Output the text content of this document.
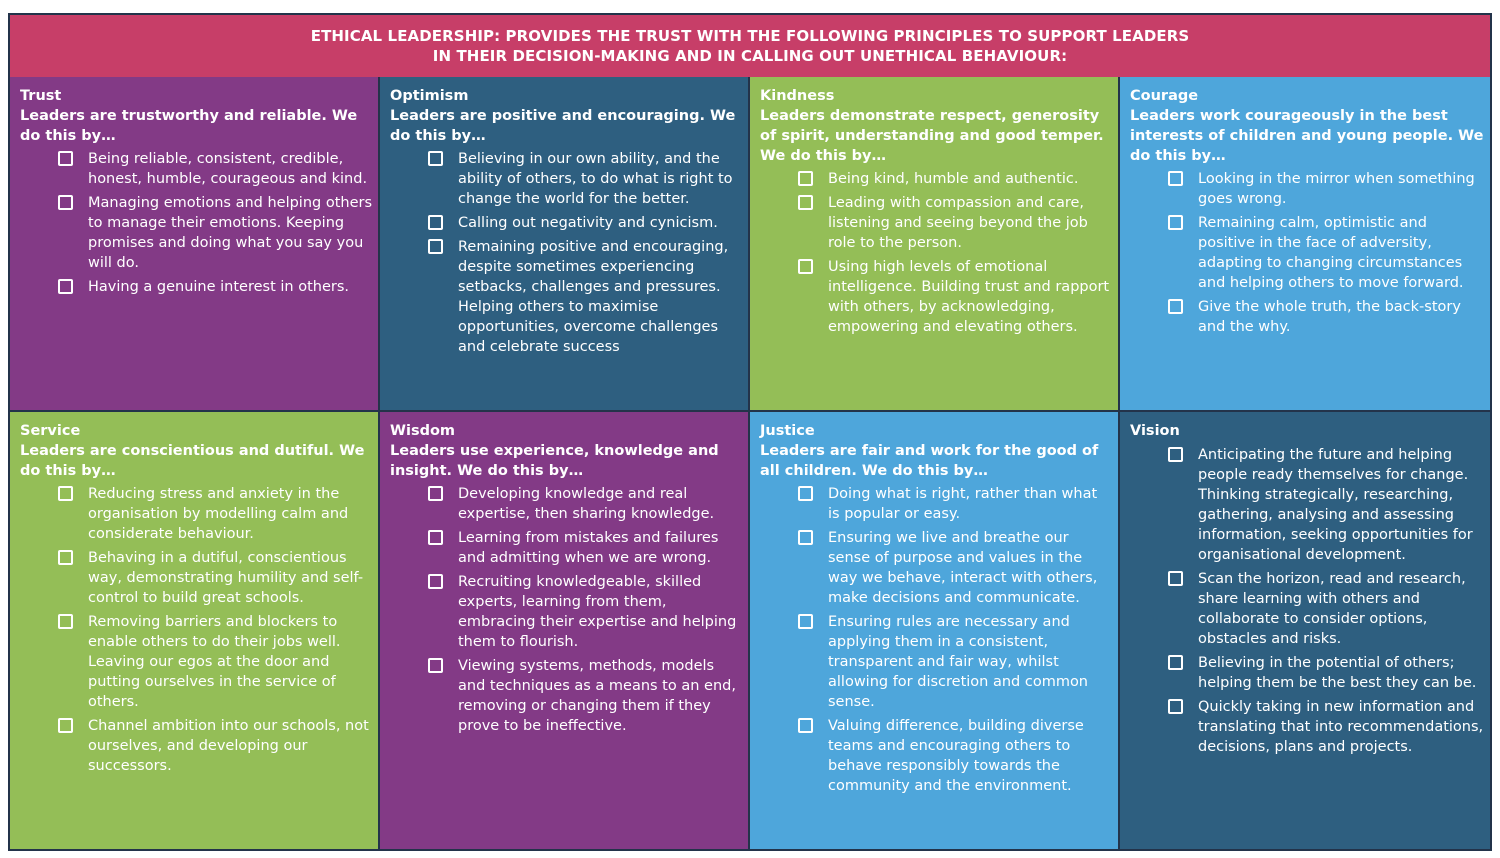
ETHICAL LEADERSHIP: PROVIDES THE TRUST WITH THE FOLLOWING PRINCIPLES TO SUPPORT LEADERS
IN THEIR DECISION-MAKING AND IN CALLING OUT UNETHICAL BEHAVIOUR:
Trust
Leaders are trustworthy and reliable. We do this by…
Being reliable, consistent, credible, honest, humble, courageous and kind.
Managing emotions and helping others to manage their emotions. Keeping promises and doing what you say you will do.
Having a genuine interest in others.
Optimism
Leaders are positive and encouraging. We do this by…
Believing in our own ability, and the ability of others, to do what is right to change the world for the better.
Calling out negativity and cynicism.
Remaining positive and encouraging, despite sometimes experiencing setbacks, challenges and pressures. Helping others to maximise opportunities, overcome challenges and celebrate success
Kindness
Leaders demonstrate respect, generosity of spirit, understanding and good temper. We do this by…
Being kind, humble and authentic.
Leading with compassion and care, listening and seeing beyond the job role to the person.
Using high levels of emotional intelligence. Building trust and rapport with others, by acknowledging, empowering and elevating others.
Courage
Leaders work courageously in the best interests of children and young people. We do this by…
Looking in the mirror when something goes wrong.
Remaining calm, optimistic and positive in the face of adversity, adapting to changing circumstances and helping others to move forward.
Give the whole truth, the back-story and the why.
Service
Leaders are conscientious and dutiful. We do this by…
Reducing stress and anxiety in the organisation by modelling calm and considerate behaviour.
Behaving in a dutiful, conscientious way, demonstrating humility and self-control to build great schools.
Removing barriers and blockers to enable others to do their jobs well. Leaving our egos at the door and putting ourselves in the service of others.
Channel ambition into our schools, not ourselves, and developing our successors.
Wisdom
Leaders use experience, knowledge and insight. We do this by…
Developing knowledge and real expertise, then sharing knowledge.
Learning from mistakes and failures and admitting when we are wrong.
Recruiting knowledgeable, skilled experts, learning from them, embracing their expertise and helping them to flourish.
Viewing systems, methods, models and techniques as a means to an end, removing or changing them if they prove to be ineffective.
Justice
Leaders are fair and work for the good of all children. We do this by…
Doing what is right, rather than what is popular or easy.
Ensuring we live and breathe our sense of purpose and values in the way we behave, interact with others, make decisions and communicate.
Ensuring rules are necessary and applying them in a consistent, transparent and fair way, whilst allowing for discretion and common sense.
Valuing difference, building diverse teams and encouraging others to behave responsibly towards the community and the environment.
Vision
Anticipating the future and helping people ready themselves for change. Thinking strategically, researching, gathering, analysing and assessing information, seeking opportunities for organisational development.
Scan the horizon, read and research, share learning with others and collaborate to consider options, obstacles and risks.
Believing in the potential of others; helping them be the best they can be.
Quickly taking in new information and translating that into recommendations, decisions, plans and projects.
